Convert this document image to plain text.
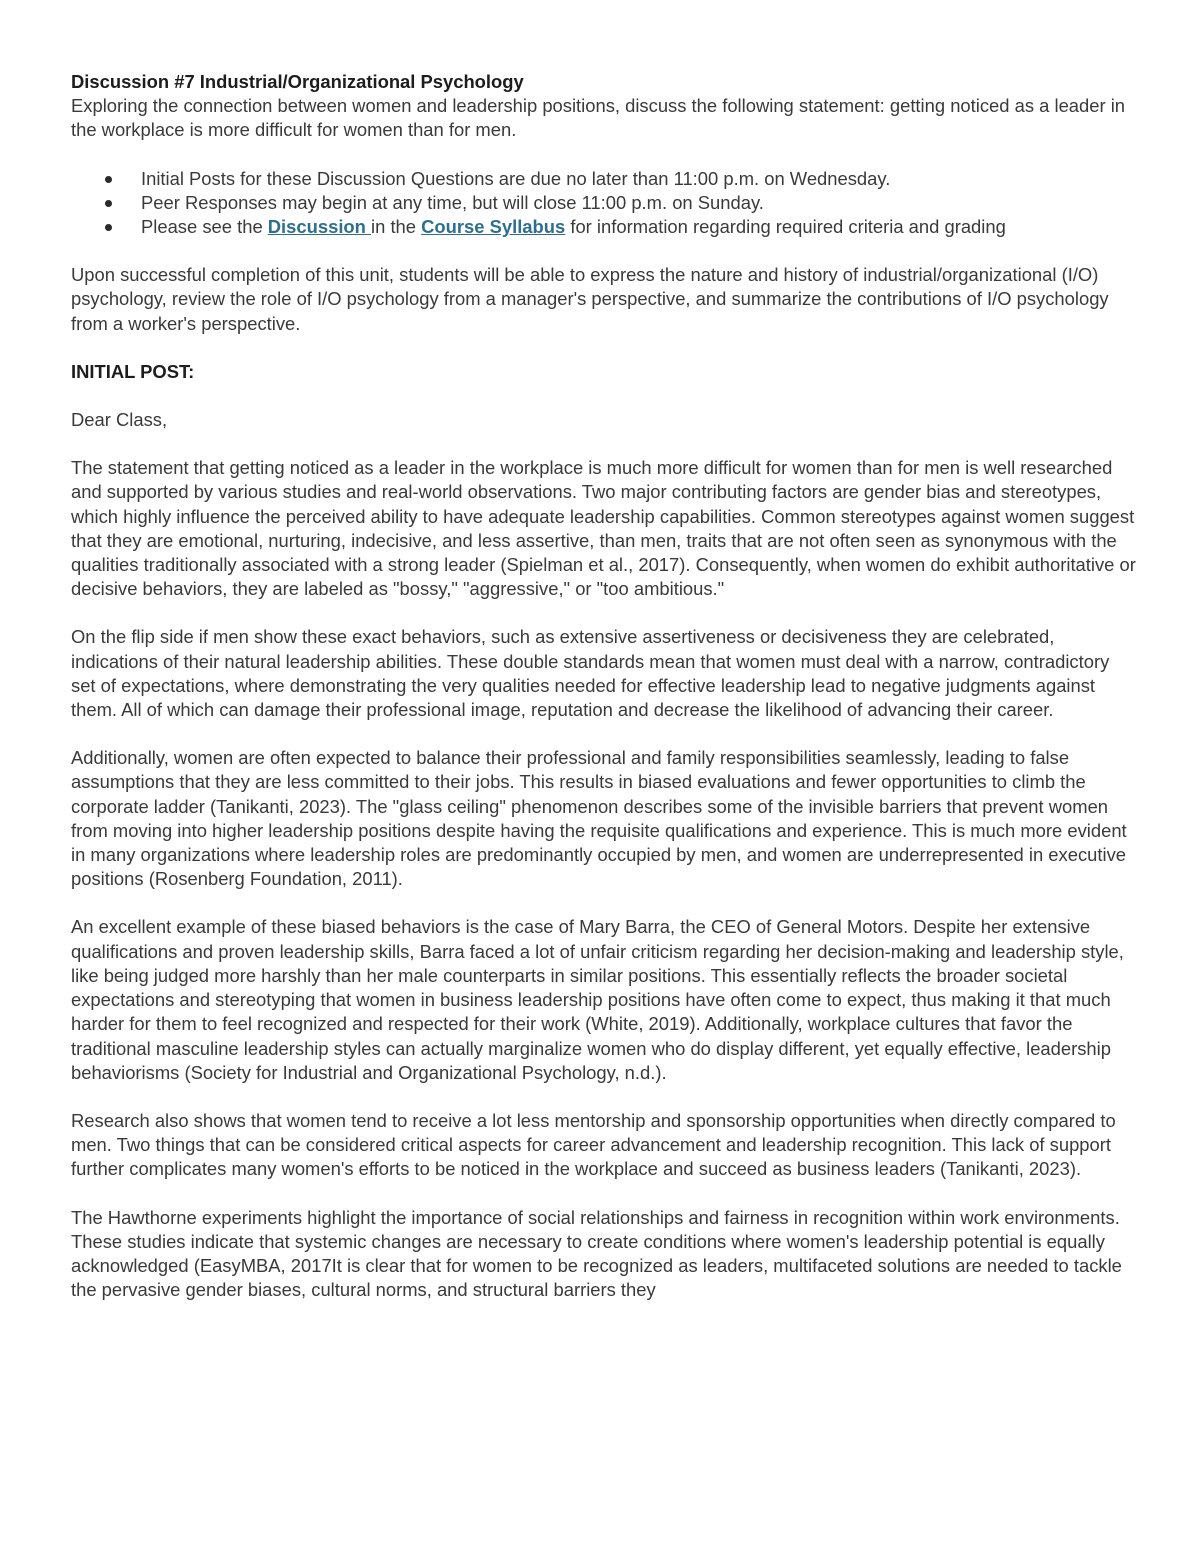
Discussion #7 Industrial/Organizational Psychology

Exploring the connection between women and leadership positions, discuss the following statement: getting noticed as a leader in the workplace is more difficult for women than for men.

Initial Posts for these Discussion Questions are due no later than 11:00 p.m. on Wednesday.
Peer Responses may begin at any time, but will close 11:00 p.m. on Sunday.
Please see the Discussion in the Course Syllabus for information regarding required criteria and grading

Upon successful completion of this unit, students will be able to express the nature and history of industrial/organizational (I/O) psychology, review the role of I/O psychology from a manager's perspective, and summarize the contributions of I/O psychology from a worker's perspective.

INITIAL POST:

Dear Class,

The statement that getting noticed as a leader in the workplace is much more difficult for women than for men is well researched and supported by various studies and real-world observations. Two major contributing factors are gender bias and stereotypes, which highly influence the perceived ability to have adequate leadership capabilities. Common stereotypes against women suggest that they are emotional, nurturing, indecisive, and less assertive, than men, traits that are not often seen as synonymous with the qualities traditionally associated with a strong leader (Spielman et al., 2017). Consequently, when women do exhibit authoritative or decisive behaviors, they are labeled as "bossy," "aggressive," or "too ambitious."

On the flip side if men show these exact behaviors, such as extensive assertiveness or decisiveness they are celebrated, indications of their natural leadership abilities. These double standards mean that women must deal with a narrow, contradictory set of expectations, where demonstrating the very qualities needed for effective leadership lead to negative judgments against them. All of which can damage their professional image, reputation and decrease the likelihood of advancing their career.

Additionally, women are often expected to balance their professional and family responsibilities seamlessly, leading to false assumptions that they are less committed to their jobs. This results in biased evaluations and fewer opportunities to climb the corporate ladder (Tanikanti, 2023). The "glass ceiling" phenomenon describes some of the invisible barriers that prevent women from moving into higher leadership positions despite having the requisite qualifications and experience. This is much more evident in many organizations where leadership roles are predominantly occupied by men, and women are underrepresented in executive positions (Rosenberg Foundation, 2011).

An excellent example of these biased behaviors is the case of Mary Barra, the CEO of General Motors. Despite her extensive qualifications and proven leadership skills, Barra faced a lot of unfair criticism regarding her decision-making and leadership style, like being judged more harshly than her male counterparts in similar positions. This essentially reflects the broader societal expectations and stereotyping that women in business leadership positions have often come to expect, thus making it that much harder for them to feel recognized and respected for their work (White, 2019). Additionally, workplace cultures that favor the traditional masculine leadership styles can actually marginalize women who do display different, yet equally effective, leadership behaviorisms (Society for Industrial and Organizational Psychology, n.d.).

Research also shows that women tend to receive a lot less mentorship and sponsorship opportunities when directly compared to men. Two things that can be considered critical aspects for career advancement and leadership recognition. This lack of support further complicates many women's efforts to be noticed in the workplace and succeed as business leaders (Tanikanti, 2023).

The Hawthorne experiments highlight the importance of social relationships and fairness in recognition within work environments. These studies indicate that systemic changes are necessary to create conditions where women's leadership potential is equally acknowledged (EasyMBA, 2017It is clear that for women to be recognized as leaders, multifaceted solutions are needed to tackle the pervasive gender biases, cultural norms, and structural barriers they
